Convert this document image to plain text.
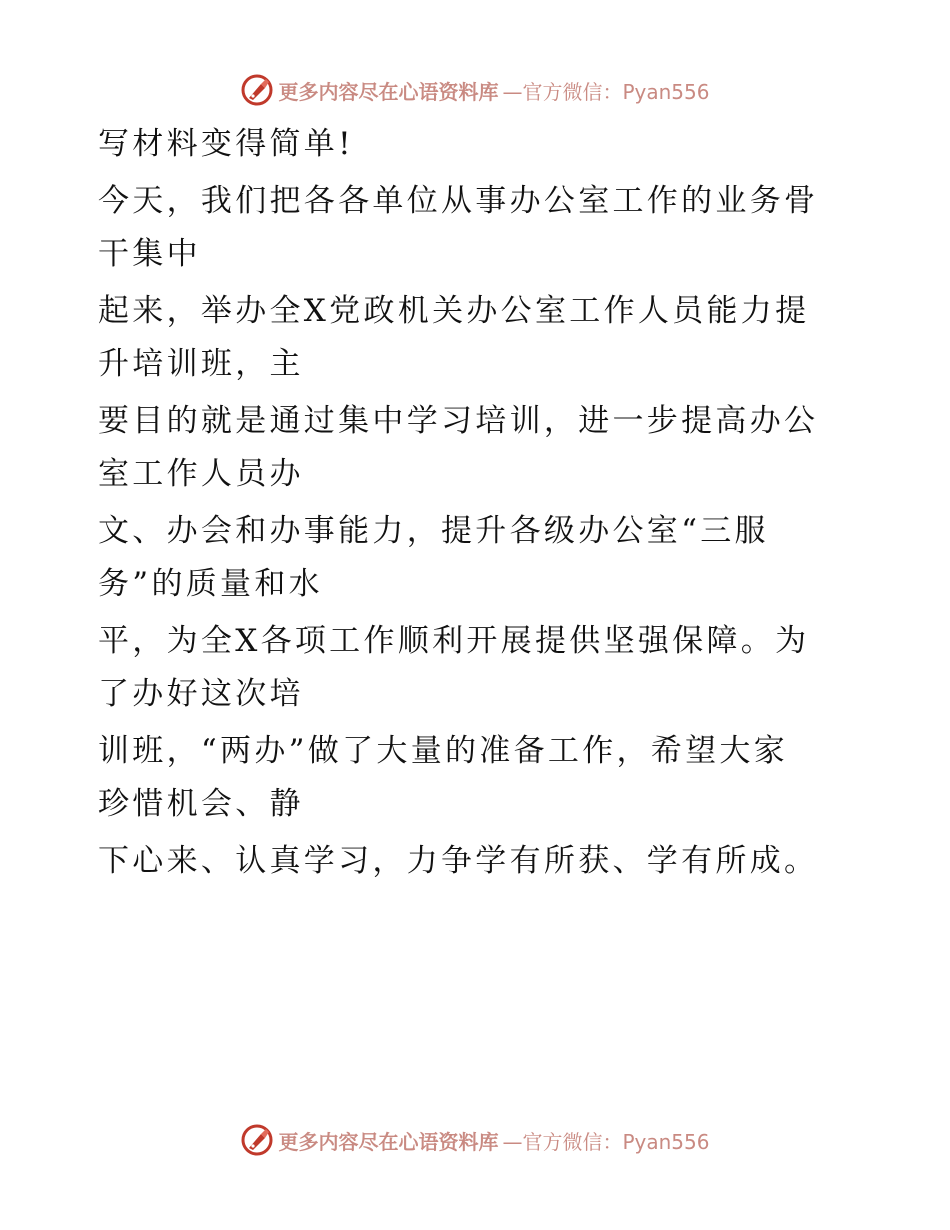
更多内容尽在心语资料库 —官方微信：Pyan556
写材料变得简单!
今天，我们把各各单位从事办公室工作的业务骨
干集中
起来，举办全X党政机关办公室工作人员能力提
升培训班，主
要目的就是通过集中学习培训，进一步提高办公
室工作人员办
文、办会和办事能力，提升各级办公室“三服
务”的质量和水
平，为全X各项工作顺利开展提供坚强保障。为
了办好这次培
训班，“两办”做了大量的准备工作，希望大家
珍惜机会、静
下心来、认真学习，力争学有所获、学有所成。
更多内容尽在心语资料库 —官方微信：Pyan556
